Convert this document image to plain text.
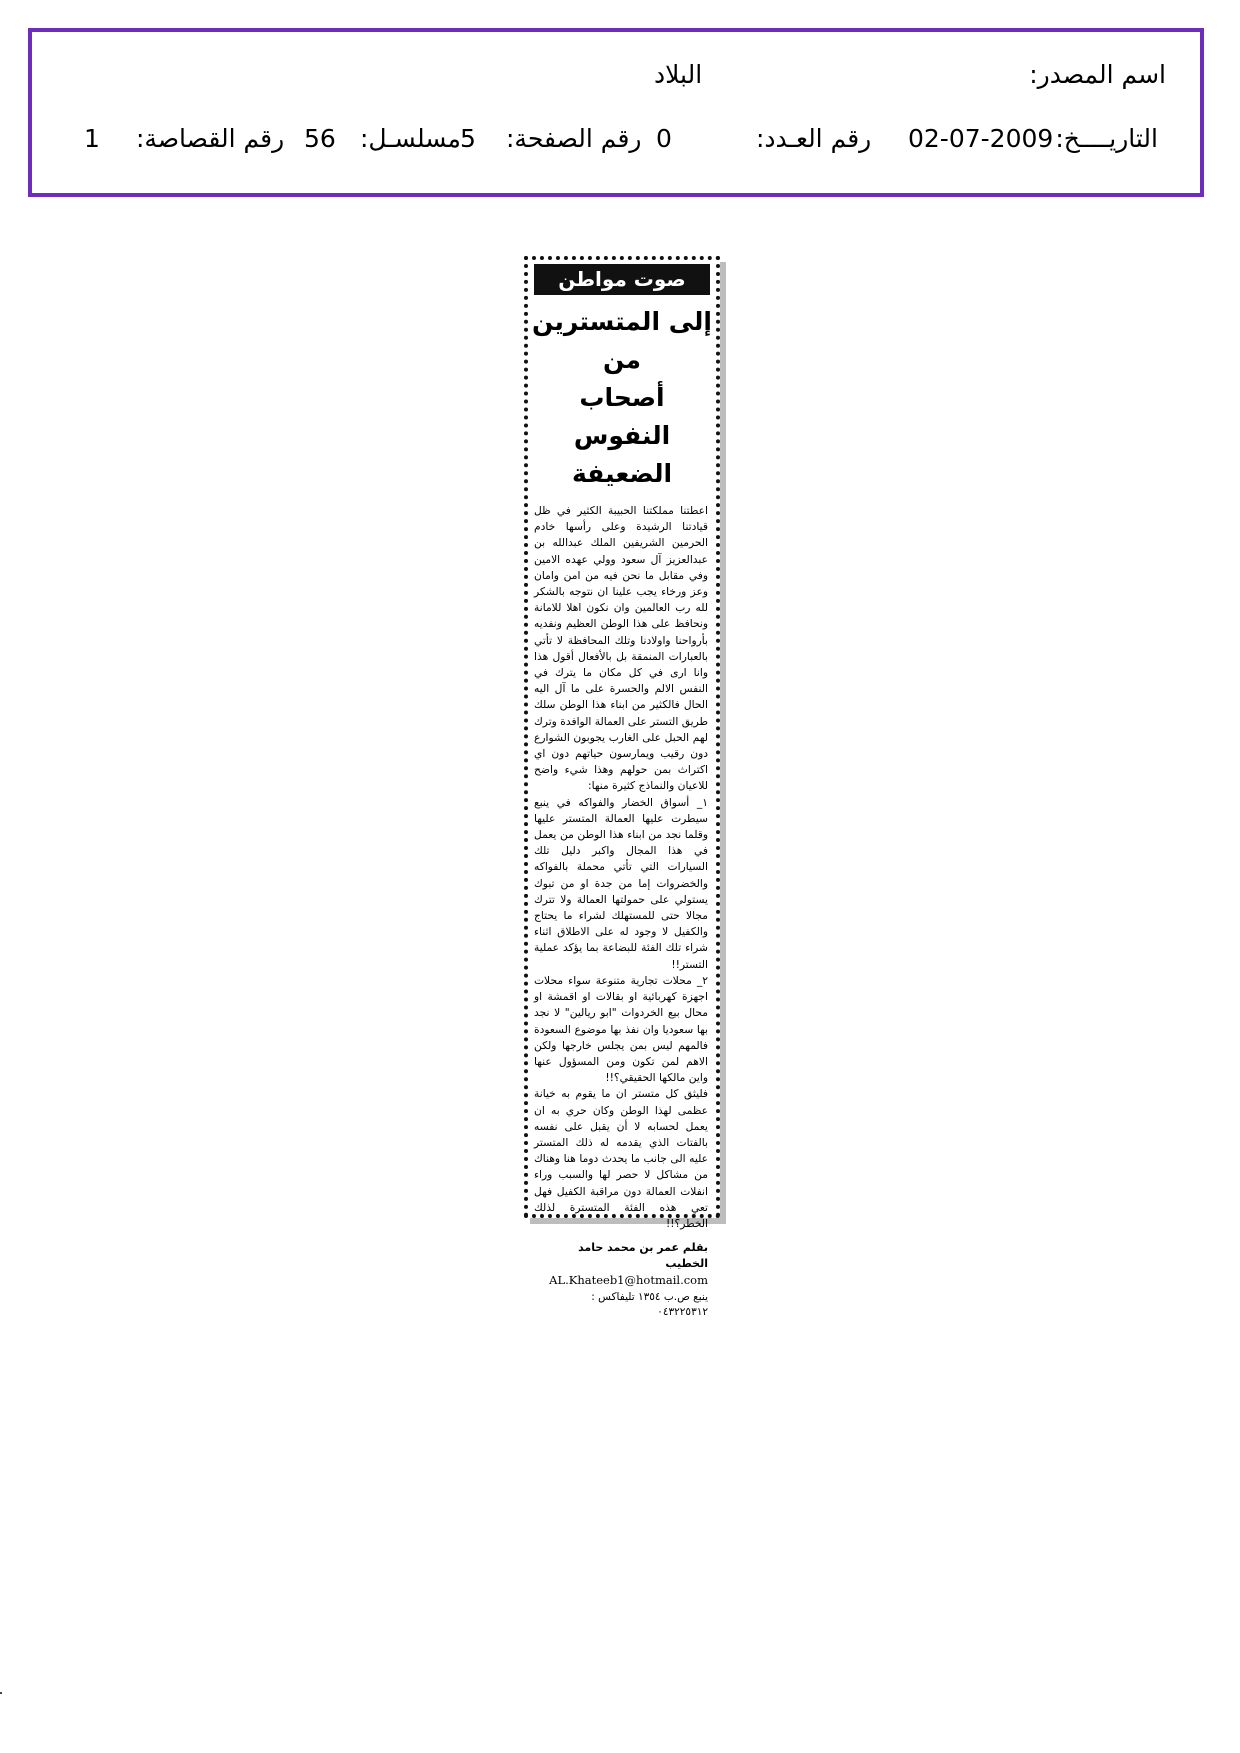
اسم المصدر:
البلاد
التاريــــخ:
02-07-2009
رقم العـدد:
0
رقم الصفحة:
5
مسلسـل:
56
رقم القصاصة:
1
صوت مواطن
إلى المتسترين من
أصحاب النفوس الضعيفة

اعطتنا مملكتنا الحبيبة الكثير في ظل قيادتنا الرشيدة وعلى رأسها خادم الحرمين الشريفين الملك عبدالله بن عبدالعزيز آل سعود وولي عهده الامين وفي مقابل ما نحن فيه من امن وامان وعز ورخاء يجب علينا ان نتوجه بالشكر لله رب العالمين وان نكون اهلا للامانة ونحافظ على هذا الوطن العظيم ونفديه بأرواحنا واولادنا وتلك المحافظة لا تأتي بالعبارات المنمقة بل بالأفعال أقول هذا وانا ارى في كل مكان ما يترك في النفس الالم والحسرة على ما آل اليه الحال فالكثير من ابناء هذا الوطن سلك طريق التستر على العمالة الوافدة وترك لهم الحبل على الغارب يجوبون الشوارع دون رقيب ويمارسون حياتهم دون اي اكتراث بمن حولهم وهذا شيء واضح للاعيان والنماذج كثيرة منها:

١_ أسواق الخضار والفواكه في ينبع سيطرت عليها العمالة المتستر عليها وقلما نجد من ابناء هذا الوطن من يعمل في هذا المجال واكبر دليل تلك السيارات التي تأتي محملة بالفواكه والخضروات إما من جدة او من تبوك يستولي على حمولتها العمالة ولا تترك مجالا حتى للمستهلك لشراء ما يحتاج والكفيل لا وجود له على الاطلاق اثناء شراء تلك الفئة للبضاعة بما يؤكد عملية التستر!!

٢_ محلات تجارية متنوعة سواء محلات اجهزة كهربائية او بقالات او اقمشة او محال بيع الخردوات "ابو ريالين" لا نجد بها سعوديا وان نفذ بها موضوع السعودة فالمهم ليس بمن يجلس خارجها ولكن الاهم لمن تكون ومن المسؤول عنها واين مالكها الحقيقي؟!!

فليثق كل متستر ان ما يقوم به خيانة عظمى لهذا الوطن وكان حري به ان يعمل لحسابه لا أن يقبل على نفسه بالفتات الذي يقدمه له ذلك المتستر عليه الى جانب ما يحدث دوما هنا وهناك من مشاكل لا حصر لها والسبب وراء انفلات العمالة دون مراقبة الكفيل فهل تعي هذه الفئة المتسترة لذلك الخطر؟!!

بقلم عمر بن محمد حامد الخطيب
AL.Khateeb1@hotmail.com
ينبع ص.ب ١٣٥٤ تليفاكس :
٠٤٣٢٢٥٣١٢
